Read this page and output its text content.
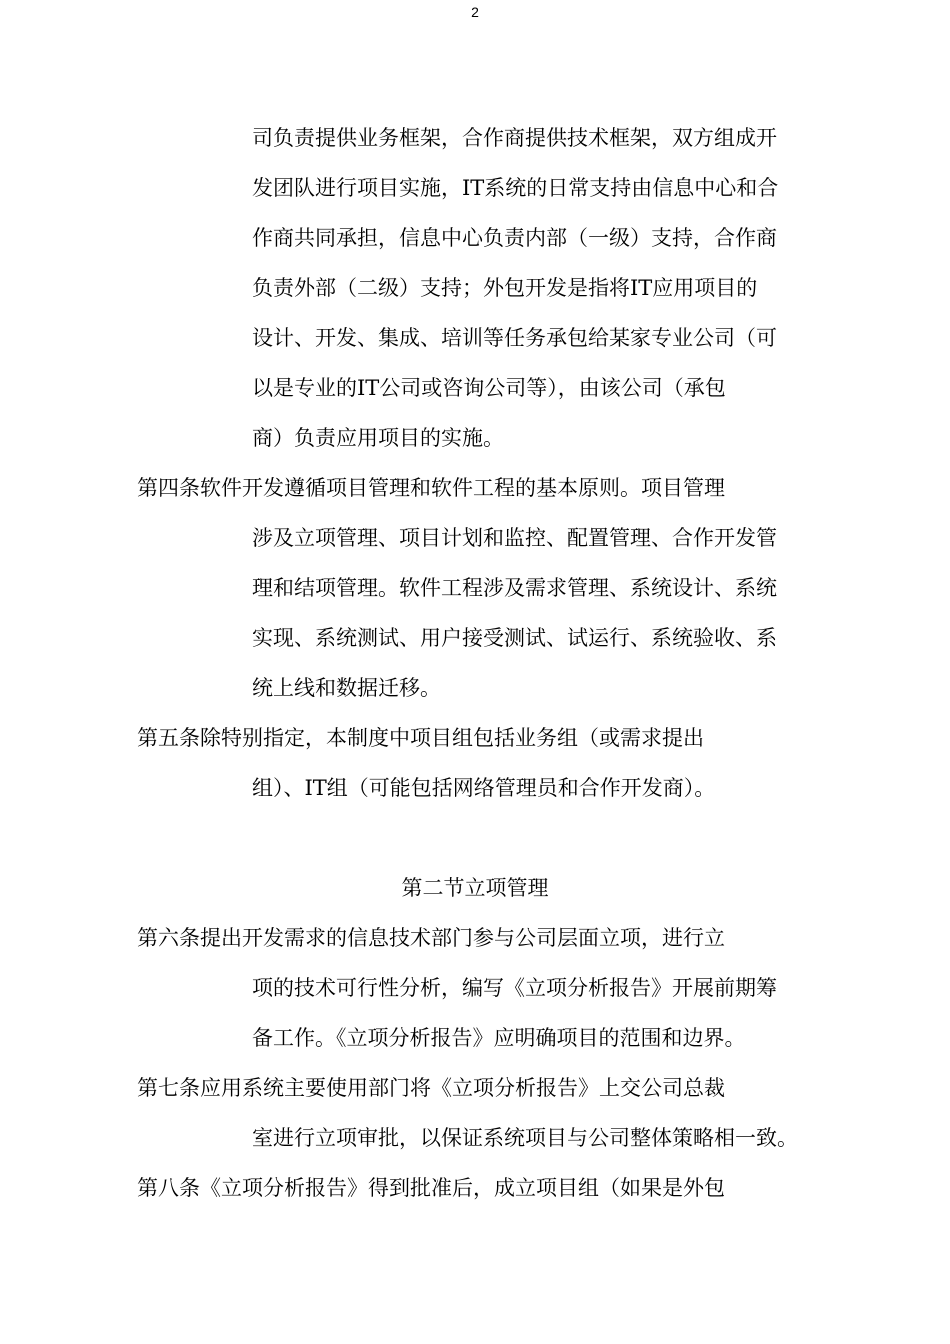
2
司负责提供业务框架，合作商提供技术框架，双方组成开
发团队进行项目实施，IT系统的日常支持由信息中心和合
作商共同承担，信息中心负责内部（一级）支持，合作商
负责外部（二级）支持；外包开发是指将IT应用项目的
设计、开发、集成、培训等任务承包给某家专业公司（可
以是专业的IT公司或咨询公司等），由该公司（承包
商）负责应用项目的实施。
第四条软件开发遵循项目管理和软件工程的基本原则。项目管理
涉及立项管理、项目计划和监控、配置管理、合作开发管
理和结项管理。软件工程涉及需求管理、系统设计、系统
实现、系统测试、用户接受测试、试运行、系统验收、系
统上线和数据迁移。
第五条除特别指定，本制度中项目组包括业务组（或需求提出
组）、IT组（可能包括网络管理员和合作开发商）。
第二节立项管理
第六条提出开发需求的信息技术部门参与公司层面立项，进行立
项的技术可行性分析，编写《立项分析报告》开展前期筹
备工作。《立项分析报告》应明确项目的范围和边界。
第七条应用系统主要使用部门将《立项分析报告》上交公司总裁
室进行立项审批，以保证系统项目与公司整体策略相一致。
第八条《立项分析报告》得到批准后，成立项目组（如果是外包
